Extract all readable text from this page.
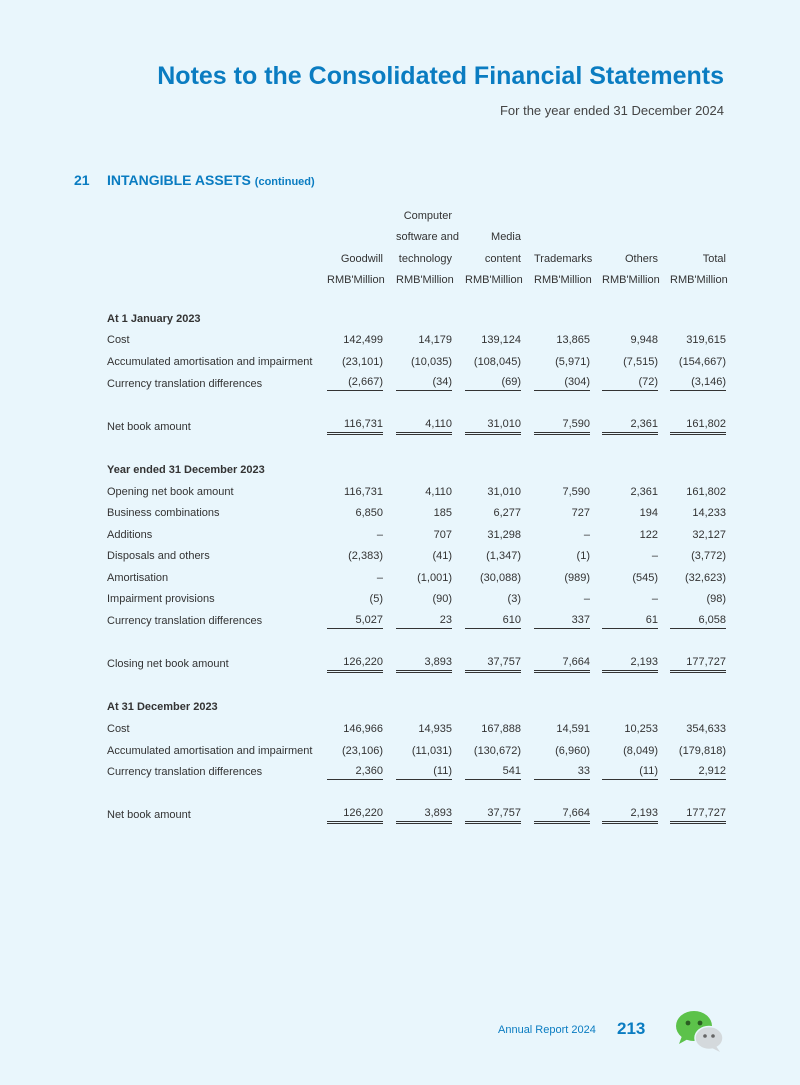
Notes to the Consolidated Financial Statements
For the year ended 31 December 2024
21 INTANGIBLE ASSETS (continued)
		Computer				
		software and	Media			
	Goodwill	technology	content	Trademarks	Others	Total
	RMB'Million	RMB'Million	RMB'Million	RMB'Million	RMB'Million	RMB'Million

At 1 January 2023						
Cost	142,499	14,179	139,124	13,865	9,948	319,615
Accumulated amortisation and impairment	(23,101)	(10,035)	(108,045)	(5,971)	(7,515)	(154,667)
Currency translation differences	(2,667)	(34)	(69)	(304)	(72)	(3,146)

Net book amount	116,731	4,110	31,010	7,590	2,361	161,802

Year ended 31 December 2023						
Opening net book amount	116,731	4,110	31,010	7,590	2,361	161,802
Business combinations	6,850	185	6,277	727	194	14,233
Additions	–	707	31,298	–	122	32,127
Disposals and others	(2,383)	(41)	(1,347)	(1)	–	(3,772)
Amortisation	–	(1,001)	(30,088)	(989)	(545)	(32,623)
Impairment provisions	(5)	(90)	(3)	–	–	(98)
Currency translation differences	5,027	23	610	337	61	6,058

Closing net book amount	126,220	3,893	37,757	7,664	2,193	177,727

At 31 December 2023						
Cost	146,966	14,935	167,888	14,591	10,253	354,633
Accumulated amortisation and impairment	(23,106)	(11,031)	(130,672)	(6,960)	(8,049)	(179,818)
Currency translation differences	2,360	(11)	541	33	(11)	2,912

Net book amount	126,220	3,893	37,757	7,664	2,193	177,727

Annual Report 2024 213
